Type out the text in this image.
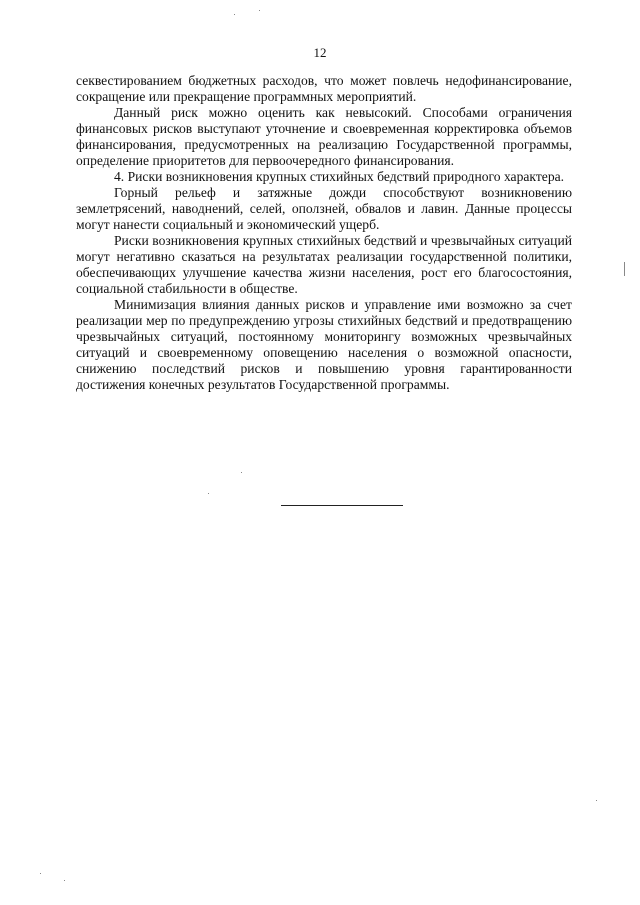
12

секвестированием бюджетных расходов, что может повлечь недофинансирование, сокращение или прекращение программных мероприятий.

Данный риск можно оценить как невысокий. Способами ограничения финансовых рисков выступают уточнение и своевременная корректировка объемов финансирования, предусмотренных на реализацию Государственной программы, определение приоритетов для первоочередного финансирования.

4. Риски возникновения крупных стихийных бедствий природного характера.

Горный рельеф и затяжные дожди способствуют возникновению землетрясений, наводнений, селей, оползней, обвалов и лавин. Данные процессы могут нанести социальный и экономический ущерб.

Риски возникновения крупных стихийных бедствий и чрезвычайных ситуаций могут негативно сказаться на результатах реализации государственной политики, обеспечивающих улучшение качества жизни населения, рост его благосостояния, социальной стабильности в обществе.

Минимизация влияния данных рисков и управление ими возможно за счет реализации мер по предупреждению угрозы стихийных бедствий и предотвращению чрезвычайных ситуаций, постоянному мониторингу возможных чрезвычайных ситуаций и своевременному оповещению населения о возможной опасности, снижению последствий рисков и повышению уровня гарантированности достижения конечных результатов Государственной программы.
